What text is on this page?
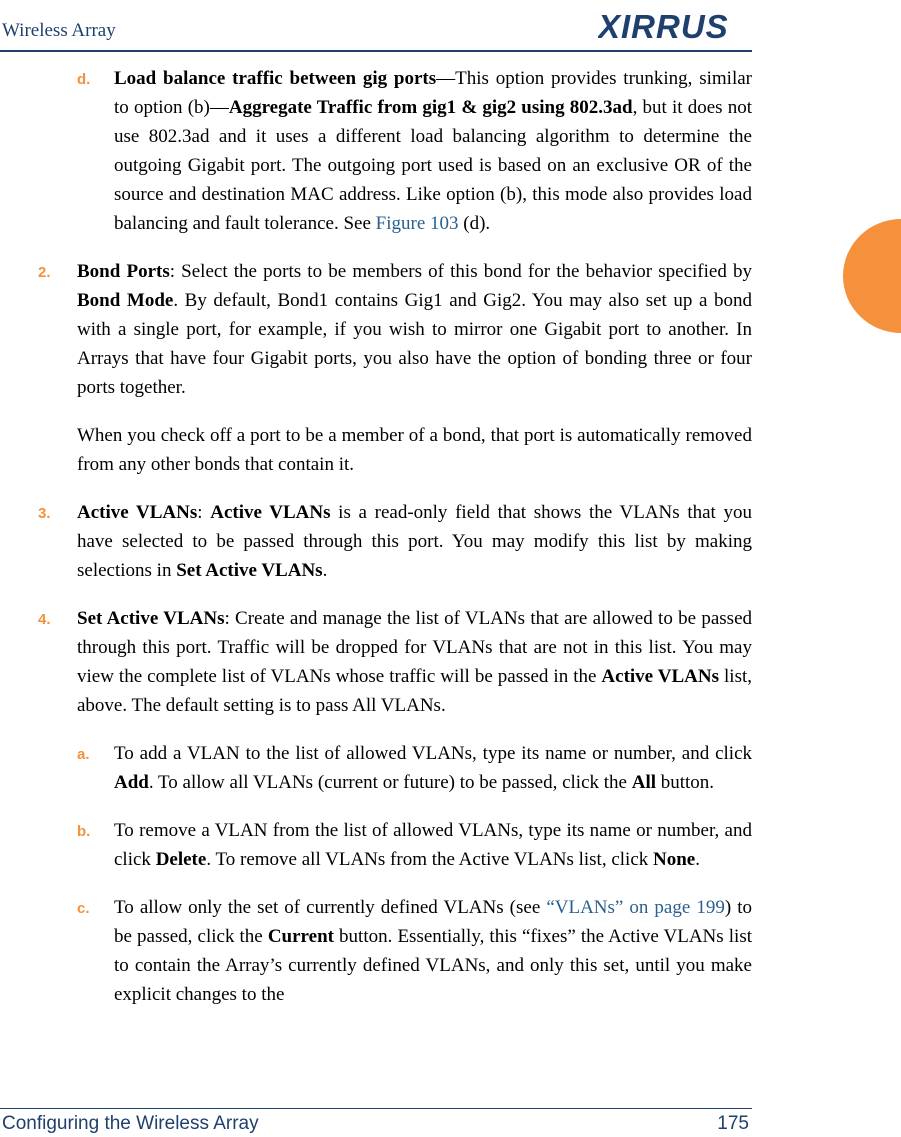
Wireless Array	XIRRUS

d. Load balance traffic between gig ports—This option provides trunking, similar to option (b)—Aggregate Traffic from gig1 & gig2 using 802.3ad, but it does not use 802.3ad and it uses a different load balancing algorithm to determine the outgoing Gigabit port. The outgoing port used is based on an exclusive OR of the source and destination MAC address. Like option (b), this mode also provides load balancing and fault tolerance. See Figure 103 (d).

2. Bond Ports: Select the ports to be members of this bond for the behavior specified by Bond Mode. By default, Bond1 contains Gig1 and Gig2. You may also set up a bond with a single port, for example, if you wish to mirror one Gigabit port to another. In Arrays that have four Gigabit ports, you also have the option of bonding three or four ports together.

When you check off a port to be a member of a bond, that port is automatically removed from any other bonds that contain it.

3. Active VLANs: Active VLANs is a read-only field that shows the VLANs that you have selected to be passed through this port. You may modify this list by making selections in Set Active VLANs.

4. Set Active VLANs: Create and manage the list of VLANs that are allowed to be passed through this port. Traffic will be dropped for VLANs that are not in this list. You may view the complete list of VLANs whose traffic will be passed in the Active VLANs list, above. The default setting is to pass All VLANs.

a. To add a VLAN to the list of allowed VLANs, type its name or number, and click Add. To allow all VLANs (current or future) to be passed, click the All button.

b. To remove a VLAN from the list of allowed VLANs, type its name or number, and click Delete. To remove all VLANs from the Active VLANs list, click None.

c. To allow only the set of currently defined VLANs (see “VLANs” on page 199) to be passed, click the Current button. Essentially, this “fixes” the Active VLANs list to contain the Array’s currently defined VLANs, and only this set, until you make explicit changes to the

Configuring the Wireless Array	175
